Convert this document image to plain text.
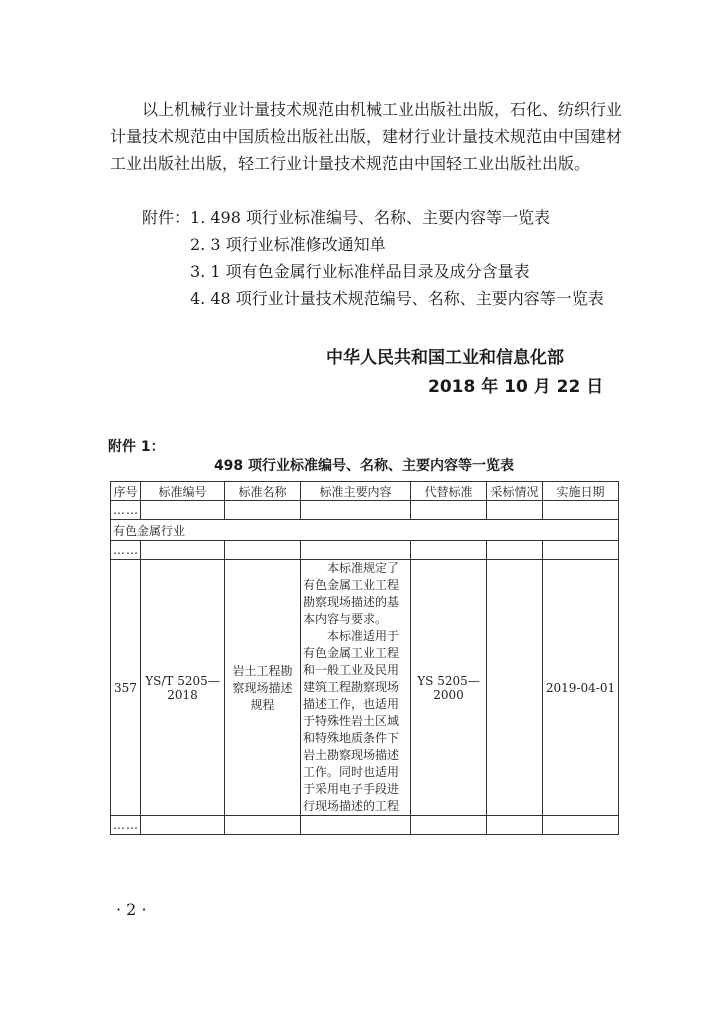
以上机械行业计量技术规范由机械工业出版社出版，石化、纺织行业计量技术规范由中国质检出版社出版，建材行业计量技术规范由中国建材工业出版社出版，轻工行业计量技术规范由中国轻工业出版社出版。

附件：1. 498 项行业标准编号、名称、主要内容等一览表
2. 3 项行业标准修改通知单
3. 1 项有色金属行业标准样品目录及成分含量表
4. 48 项行业计量技术规范编号、名称、主要内容等一览表
中华人民共和国工业和信息化部
2018 年 10 月 22 日
附件 1：
498 项行业标准编号、名称、主要内容等一览表
序号	标准编号	标准名称	标准主要内容	代替标准	采标情况	实施日期
……						
有色金属行业						
……						
357	YS/T 5205—2018	岩土工程勘察现场描述规程	本标准规定了有色金属工业工程勘察现场描述的基本内容与要求。
本标准适用于有色金属工业工程和一般工业及民用建筑工程勘察现场描述工作，也适用于特殊性岩土区域和特殊地质条件下岩土勘察现场描述工作。同时也适用于采用电子手段进行现场描述的工程	YS 5205—2000		2019-04-01
……						
· 2 ·
